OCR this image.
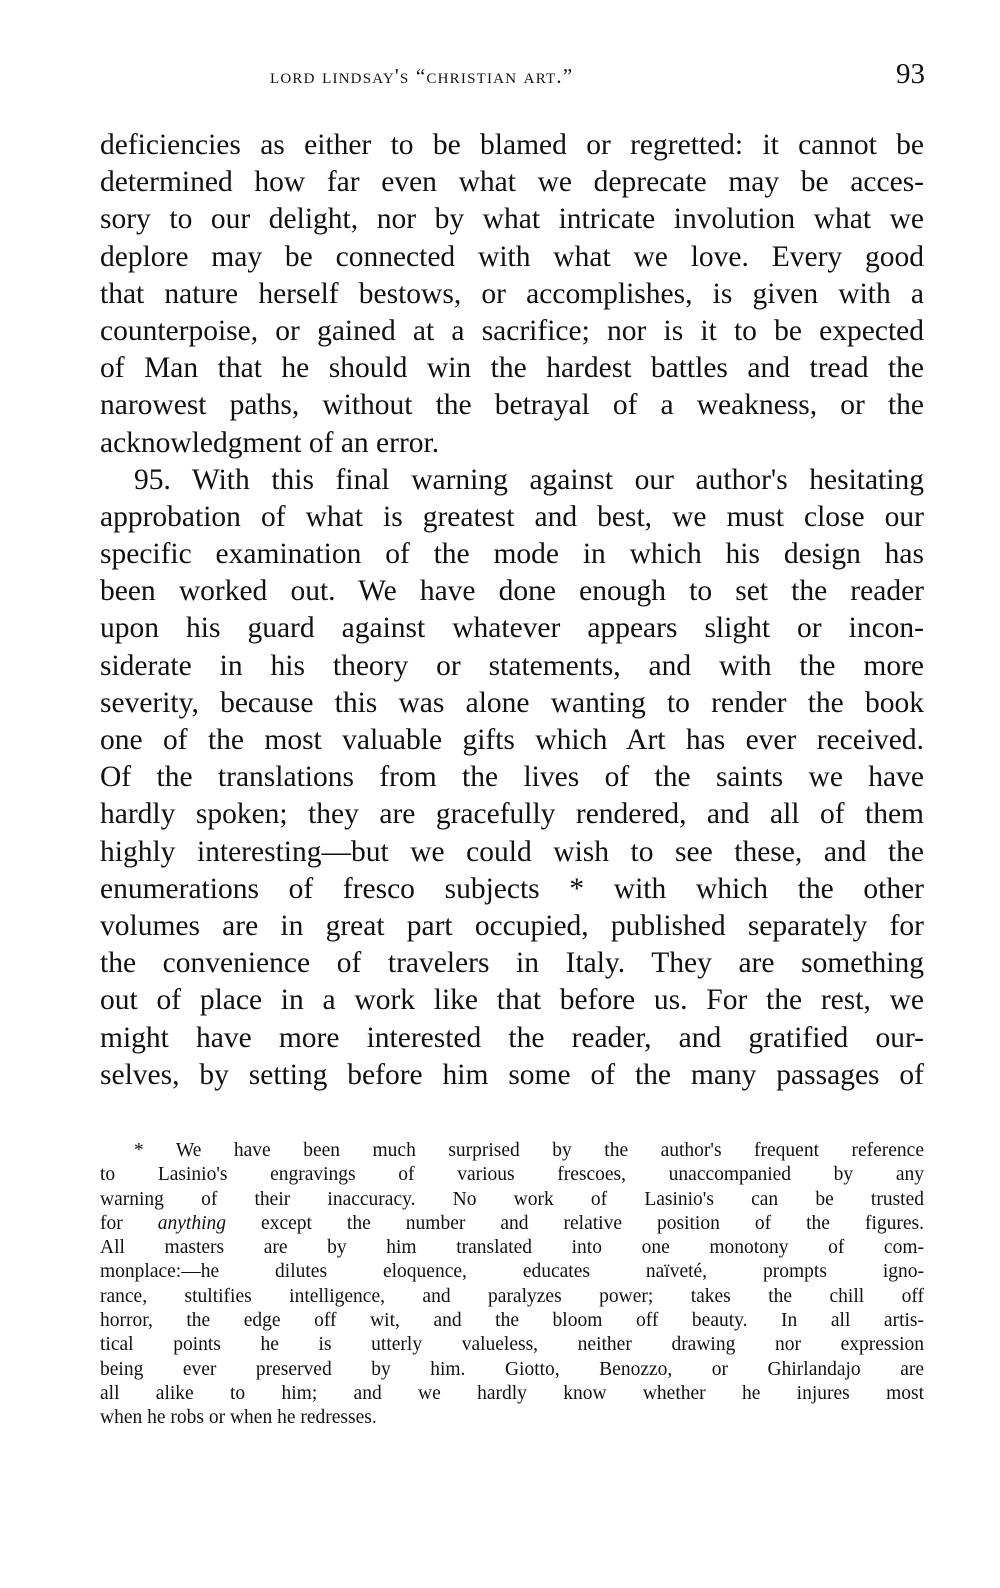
lord lindsay's “christian art.”	93
deficiencies as either to be blamed or regretted: it cannot be
determined how far even what we deprecate may be acces-
sory to our delight, nor by what intricate involution what we
deplore may be connected with what we love. Every good
that nature herself bestows, or accomplishes, is given with a
counterpoise, or gained at a sacrifice; nor is it to be expected
of Man that he should win the hardest battles and tread the
narowest paths, without the betrayal of a weakness, or the
acknowledgment of an error.
95. With this final warning against our author's hesitating
approbation of what is greatest and best, we must close our
specific examination of the mode in which his design has
been worked out. We have done enough to set the reader
upon his guard against whatever appears slight or incon-
siderate in his theory or statements, and with the more
severity, because this was alone wanting to render the book
one of the most valuable gifts which Art has ever received.
Of the translations from the lives of the saints we have
hardly spoken; they are gracefully rendered, and all of them
highly interesting—but we could wish to see these, and the
enumerations of fresco subjects * with which the other
volumes are in great part occupied, published separately for
the convenience of travelers in Italy. They are something
out of place in a work like that before us. For the rest, we
might have more interested the reader, and gratified our-
selves, by setting before him some of the many passages of
* We have been much surprised by the author's frequent reference
to Lasinio's engravings of various frescoes, unaccompanied by any
warning of their inaccuracy. No work of Lasinio's can be trusted
for anything except the number and relative position of the figures.
All masters are by him translated into one monotony of com-
monplace:—he dilutes eloquence, educates naïveté, prompts igno-
rance, stultifies intelligence, and paralyzes power; takes the chill off
horror, the edge off wit, and the bloom off beauty. In all artis-
tical points he is utterly valueless, neither drawing nor expression
being ever preserved by him. Giotto, Benozzo, or Ghirlandajo are
all alike to him; and we hardly know whether he injures most
when he robs or when he redresses.
